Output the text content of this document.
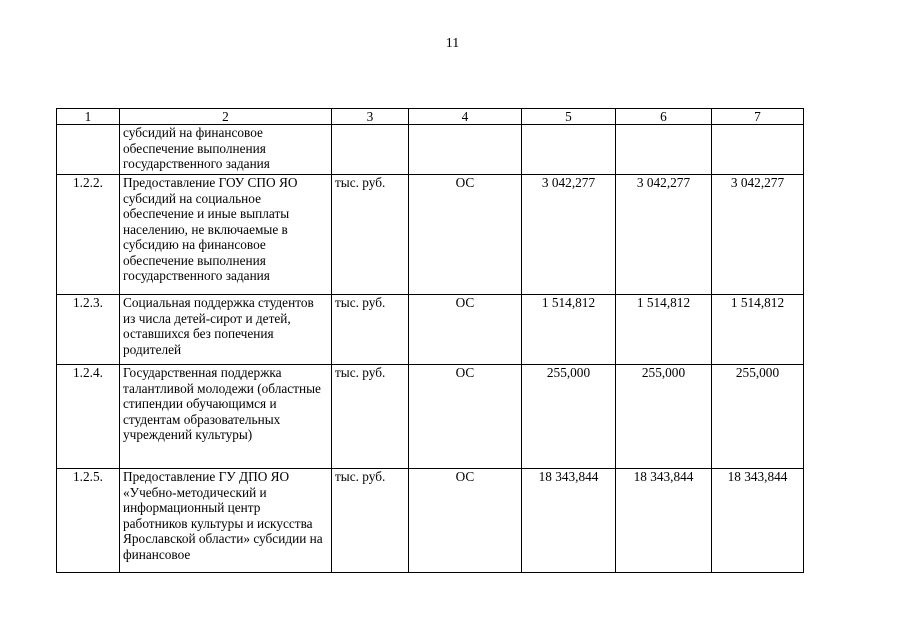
11
1	2	3	4	5	6	7
	субсидий на финансовое обеспечение выполнения государственного задания					
1.2.2.	Предоставление ГОУ СПО ЯО субсидий на социальное обеспечение и иные выплаты населению, не включаемые в субсидию на финансовое обеспечение выполнения государственного задания	тыс. руб.	ОС	3 042,277	3 042,277	3 042,277
1.2.3.	Социальная поддержка студентов из числа детей-сирот и детей, оставшихся без попечения родителей	тыс. руб.	ОС	1 514,812	1 514,812	1 514,812
1.2.4.	Государственная поддержка талантливой молодежи (областные стипендии обучающимся и студентам образовательных учреждений культуры)	тыс. руб.	ОС	255,000	255,000	255,000
1.2.5.	Предоставление ГУ ДПО ЯО «Учебно-методический и информационный центр работников культуры и искусства Ярославской области» субсидии на финансовое	тыс. руб.	ОС	18 343,844	18 343,844	18 343,844
